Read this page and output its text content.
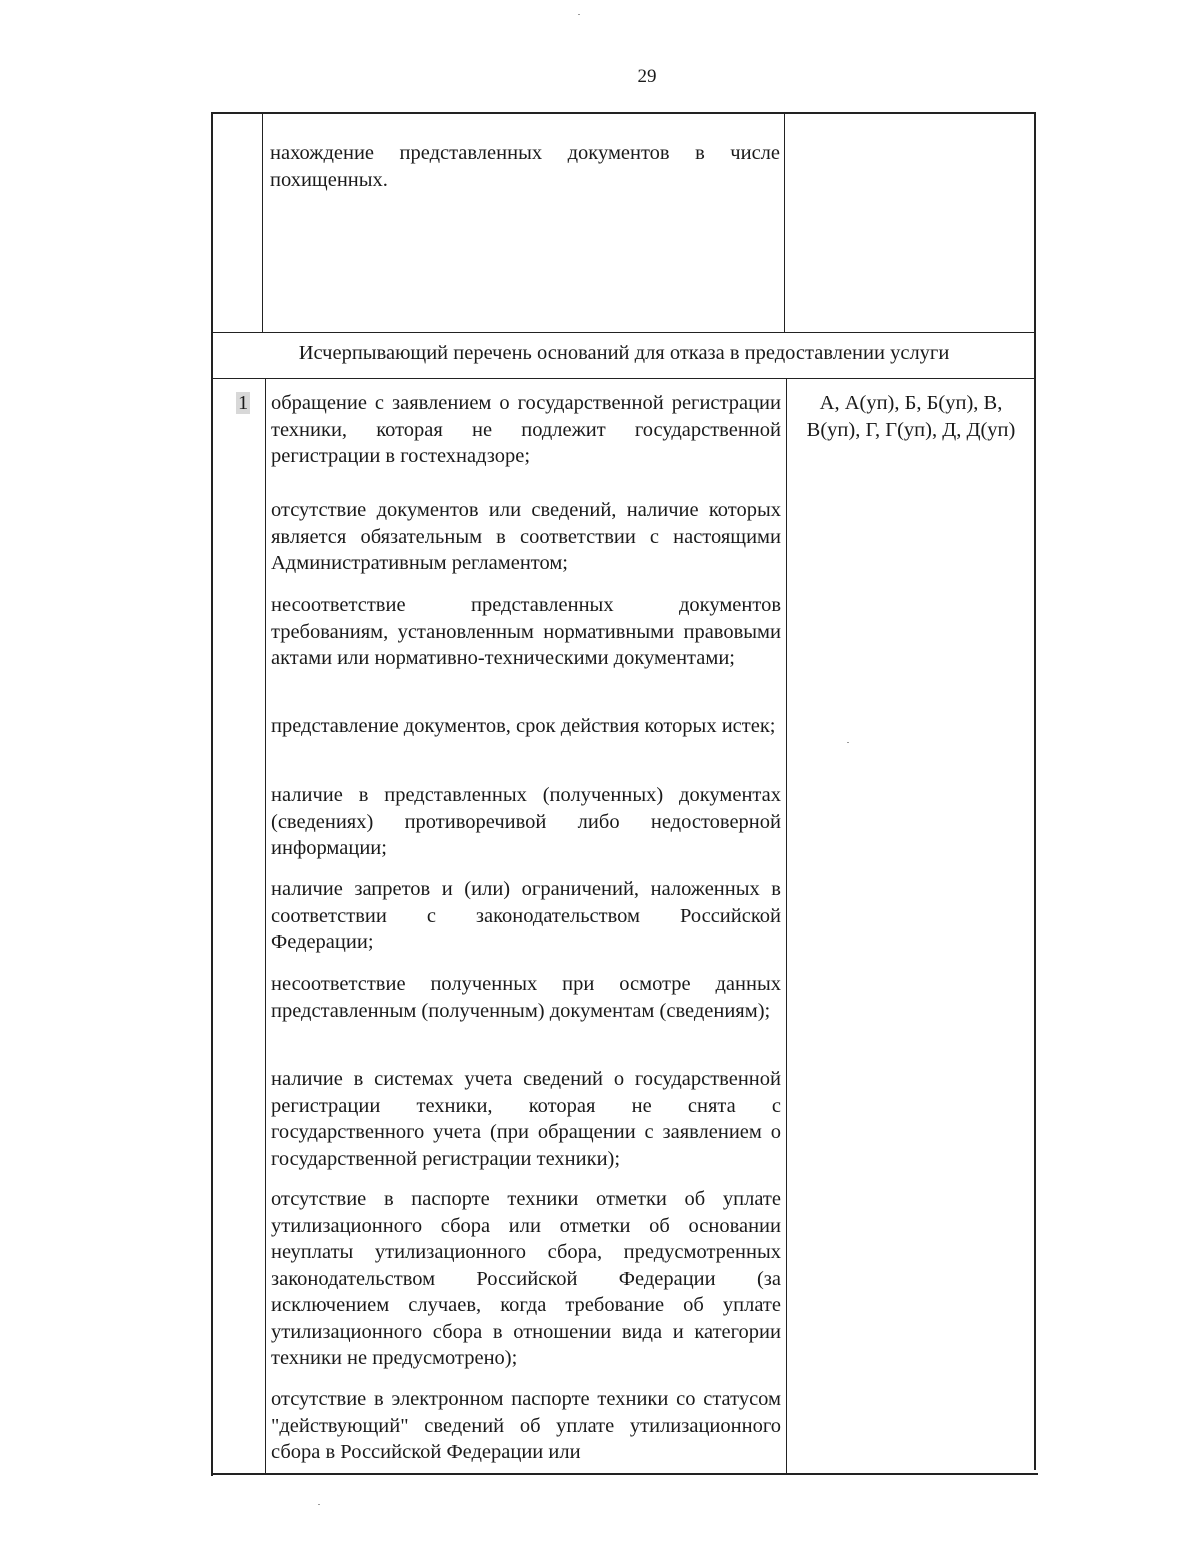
29

нахождение представленных документов в числе похищенных.

Исчерпывающий перечень оснований для отказа в предоставлении услуги
1 обращение с заявлением о государственной регистрации техники, которая не подлежит государственной регистрации в гостехнадзоре;

отсутствие документов или сведений, наличие которых является обязательным в соответствии с настоящими Административным регламентом;

несоответствие представленных документов требованиям, установленным нормативными правовыми актами или нормативно-техническими документами;

представление документов, срок действия которых истек;

наличие в представленных (полученных) документах (сведениях) противоречивой либо недостоверной информации;

наличие запретов и (или) ограничений, наложенных в соответствии с законодательством Российской Федерации;

несоответствие полученных при осмотре данных представленным (полученным) документам (сведениям);

наличие в системах учета сведений о государственной регистрации техники, которая не снята с государственного учета (при обращении с заявлением о государственной регистрации техники);

отсутствие в паспорте техники отметки об уплате утилизационного сбора или отметки об основании неуплаты утилизационного сбора, предусмотренных законодательством Российской Федерации (за исключением случаев, когда требование об уплате утилизационного сбора в отношении вида и категории техники не предусмотрено);

отсутствие в электронном паспорте техники со статусом "действующий" сведений об уплате утилизационного сбора в Российской Федерации или

А, А(уп), Б, Б(уп), В,
В(уп), Г, Г(уп), Д, Д(уп)
